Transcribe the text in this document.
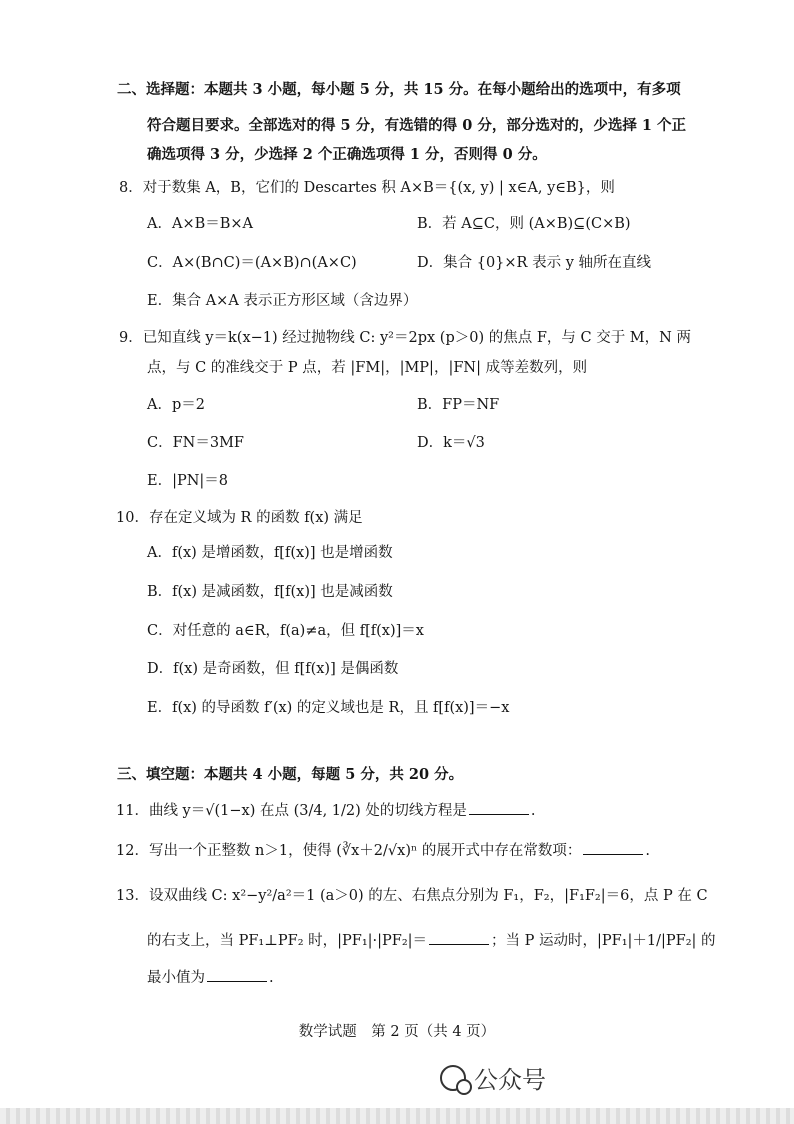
二、选择题：本题共 3 小题，每小题 5 分，共 15 分。在每小题给出的选项中，有多项
符合题目要求。全部选对的得 5 分，有选错的得 0 分，部分选对的，少选择 1 个正
确选项得 3 分，少选择 2 个正确选项得 1 分，否则得 0 分。
8．对于数集 A，B，它们的 Descartes 积 A×B＝{(x, y) | x∈A, y∈B}，则
A．A×B＝B×A	B．若 A⊆C，则 (A×B)⊆(C×B)
C．A×(B∩C)＝(A×B)∩(A×C)	D．集合 {0}×R 表示 y 轴所在直线
E．集合 A×A 表示正方形区域（含边界）
9．已知直线 y＝k(x−1) 经过抛物线 C: y²＝2px (p＞0) 的焦点 F，与 C 交于 M，N 两
点，与 C 的准线交于 P 点，若 |FM|，|MP|，|FN| 成等差数列，则
A．p＝2	B．FP＝NF
C．FN＝3MF	D．k＝√3
E．|PN|＝8
10．存在定义域为 R 的函数 f(x) 满足
A．f(x) 是增函数，f[f(x)] 也是增函数
B．f(x) 是减函数，f[f(x)] 也是减函数
C．对任意的 a∈R，f(a)≠a，但 f[f(x)]＝x
D．f(x) 是奇函数，但 f[f(x)] 是偶函数
E．f(x) 的导函数 f′(x) 的定义域也是 R，且 f[f(x)]＝−x
三、填空题：本题共 4 小题，每题 5 分，共 20 分。
11．曲线 y＝√(1−x) 在点 (3/4, 1/2) 处的切线方程是	.
12．写出一个正整数 n＞1，使得 (∛x＋2/√x)ⁿ 的展开式中存在常数项：	.
13．设双曲线 C: x²−y²/a²＝1 (a＞0) 的左、右焦点分别为 F₁，F₂，|F₁F₂|＝6，点 P 在 C
的右支上，当 PF₁⊥PF₂ 时，|PF₁|·|PF₂|＝	；当 P 运动时，|PF₁|＋1/|PF₂| 的
最小值为	.
数学试题　第 2 页（共 4 页）
公众号
